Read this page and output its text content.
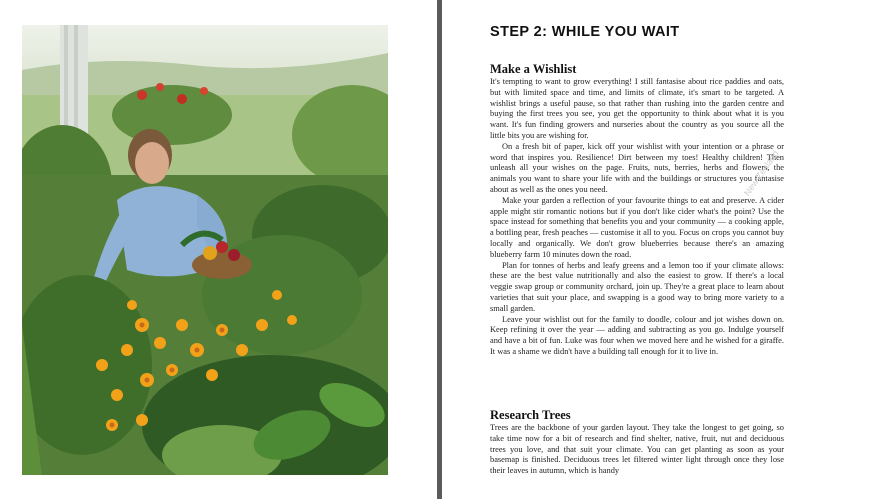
STEP 2: WHILE YOU WAIT
Make a Wishlist

It's tempting to want to grow everything! I still fantasise about rice paddies and oats, but with limited space and time, and limits of climate, it's smart to be targeted. A wishlist brings a useful pause, so that rather than rushing into the garden centre and buying the first trees you see, you get the opportunity to think about what it is you want. It's fun finding growers and nurseries about the country as you source all the little bits you are wishing for.

On a fresh bit of paper, kick off your wishlist with your intention or a phrase or word that inspires you. Resilience! Dirt between my toes! Healthy children! Then unleash all your wishes on the page. Fruits, nuts, berries, herbs and flowers, the animals you want to share your life with and the buildings or structures you fantasise about as well as the ones you need.

Make your garden a reflection of your favourite things to eat and preserve. A cider apple might stir romantic notions but if you don't like cider what's the point? Use the space instead for something that benefits you and your community — a cooking apple, a bottling pear, fresh peaches — customise it all to you. Focus on crops you cannot buy locally and organically. We don't grow blueberries because there's an amazing blueberry farm 10 minutes down the road.

Plan for tonnes of herbs and leafy greens and a lemon too if your climate allows: these are the best value nutritionally and also the easiest to grow. If there's a local veggie swap group or community orchard, join up. They're a great place to learn about varieties that suit your place, and swapping is a good way to bring more variety to a small garden.

Leave your wishlist out for the family to doodle, colour and jot wishes down on. Keep refining it over the year — adding and subtracting as you go. Indulge yourself and have a bit of fun. Luke was four when we moved here and he wished for a giraffe. It was a shame we didn't have a building tall enough for it to live in.

Research Trees

Trees are the backbone of your garden layout. They take the longest to get going, so take time now for a bit of research and find shelter, native, fruit, nut and deciduous trees you love, and that suit your climate. You can get planting as soon as your basemap is finished. Deciduous trees let filtered winter light through once they lose their leaves in autumn, which is handy

New Zealand
